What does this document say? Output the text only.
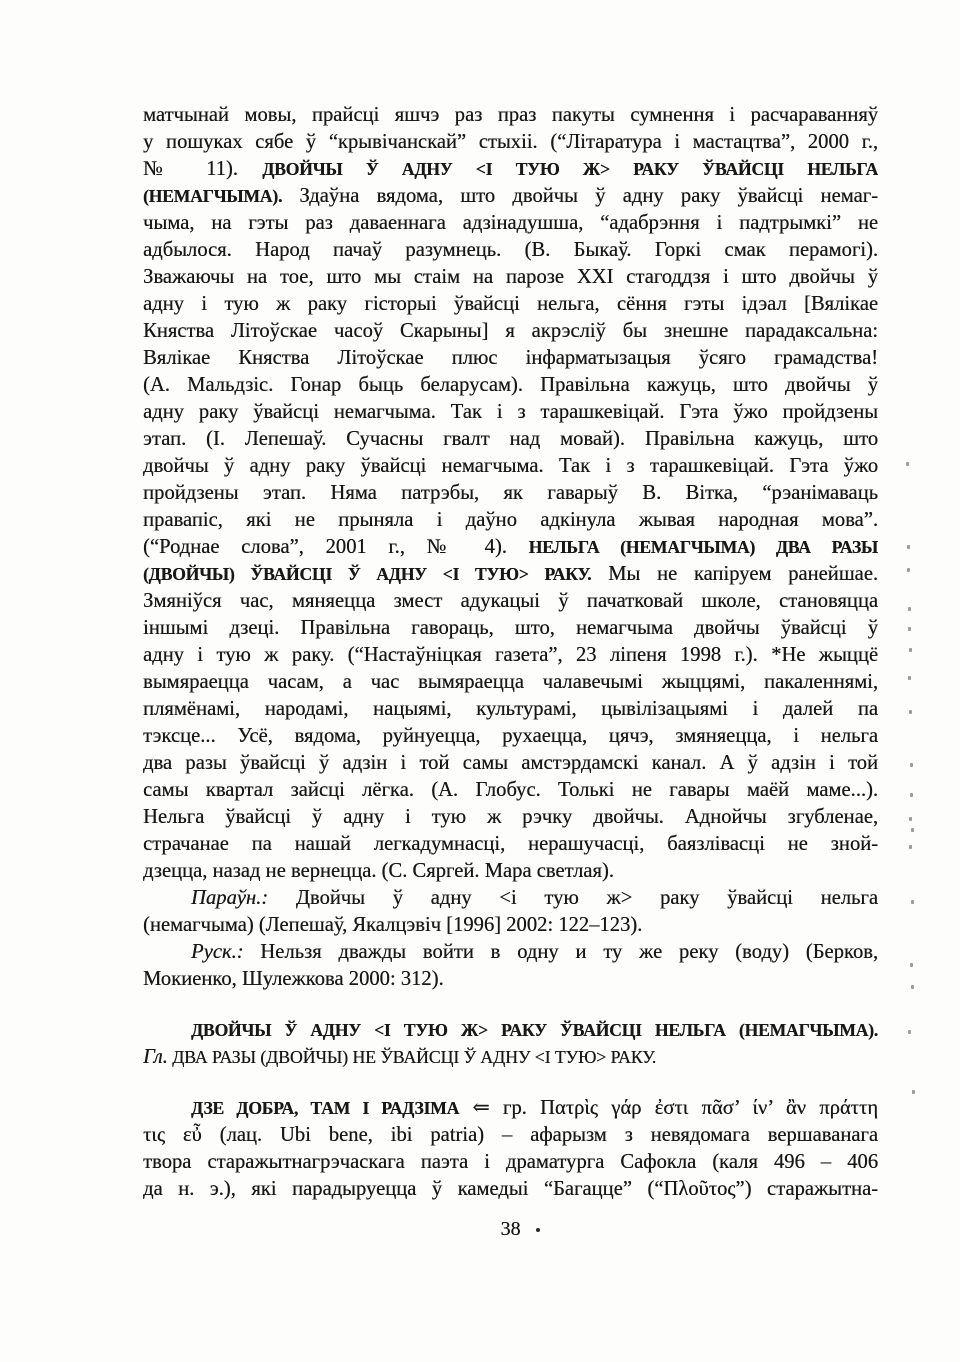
матчынай мовы, прайсці яшчэ раз праз пакуты сумнення і расчараванняў
у пошуках сябе ў “крывічанскай” стыхіі. (“Літаратура і мастацтва”, 2000 г.,
№ 11). ДВОЙЧЫ Ў АДНУ <І ТУЮ Ж> РАКУ ЎВАЙСЦІ НЕЛЬГА
(НЕМАГЧЫМА). Здаўна вядома, што двойчы ў адну раку ўвайсці немаг-
чыма, на гэты раз даваеннага адзінадушша, “адабрэння і падтрымкі” не
адбылося. Народ пачаў разумнець. (В. Быкаў. Горкі смак перамогі).
Зважаючы на тое, што мы стаім на парозе XXI стагоддзя і што двойчы ў
адну і тую ж раку гісторыі ўвайсці нельга, сёння гэты ідэал [Вялікае
Княства Літоўскае часоў Скарыны] я акрэсліў бы знешне парадаксальна:
Вялікае Княства Літоўскае плюс інфарматызацыя ўсяго грамадства!
(А. Мальдзіс. Гонар быць беларусам). Правільна кажуць, што двойчы ў
адну раку ўвайсці немагчыма. Так і з тарашкевіцай. Гэта ўжо пройдзены
этап. (І. Лепешаў. Сучасны гвалт над мовай). Правільна кажуць, што
двойчы ў адну раку ўвайсці немагчыма. Так і з тарашкевіцай. Гэта ўжо
пройдзены этап. Няма патрэбы, як гаварыў В. Вітка, “рэанімаваць
правапіс, які не прыняла і даўно адкінула жывая народная мова”.
(“Роднае слова”, 2001 г., № 4). НЕЛЬГА (НЕМАГЧЫМА) ДВА РАЗЫ
(ДВОЙЧЫ) ЎВАЙСЦІ Ў АДНУ <І ТУЮ> РАКУ. Мы не капіруем ранейшае.
Змяніўся час, мяняецца змест адукацыі ў пачатковай школе, становяцца
іншымі дзеці. Правільна гавораць, што, немагчыма двойчы ўвайсці ў
адну і тую ж раку. (“Настаўніцкая газета”, 23 ліпеня 1998 г.). *Не жыццё
вымяраецца часам, а час вымяраецца чалавечымі жыццямі, пакаленнямі,
плямёнамі, народамі, нацыямі, культурамі, цывілізацыямі і далей па
тэксце... Усё, вядома, руйнуецца, рухаецца, цячэ, змяняецца, і нельга
два разы ўвайсці ў адзін і той самы амстэрдамскі канал. А ў адзін і той
самы квартал зайсці лёгка. (А. Глобус. Толькі не гавары маёй маме...).
Нельга ўвайсці ў адну і тую ж рэчку двойчы. Аднойчы згубленае,
страчанае па нашай легкадумнасці, нерашучасці, баязлівасці не зной-
дзецца, назад не вернецца. (С. Сяргей. Мара светлая).
Параўн.: Двойчы ў адну <і тую ж> раку ўвайсці нельга
(немагчыма) (Лепешаў, Якалцэвіч [1996] 2002: 122–123).
Руск.: Нельзя дважды войти в одну и ту же реку (воду) (Берков,
Мокиенко, Шулежкова 2000: 312).
ДВОЙЧЫ Ў АДНУ <І ТУЮ Ж> РАКУ ЎВАЙСЦІ НЕЛЬГА (НЕМАГЧЫМА).
Гл. ДВА РАЗЫ (ДВОЙЧЫ) НЕ ЎВАЙСЦІ Ў АДНУ <І ТУЮ> РАКУ.
ДЗЕ ДОБРА, ТАМ І РАДЗІМА ⇐ гр. Πατρὶς γάρ ἐστι πᾶσ’ ίν’ ἂν πράττη
τις εὖ (лац. Ubi bene, ibi patria) – афарызм з невядомага вершаванага
твора старажытнагрэчаскага паэта і драматурга Сафокла (каля 496 – 406
да н. э.), які парадыруецца ў камедыі “Багацце” (“Πλοῦτος”) старажытна-
38
